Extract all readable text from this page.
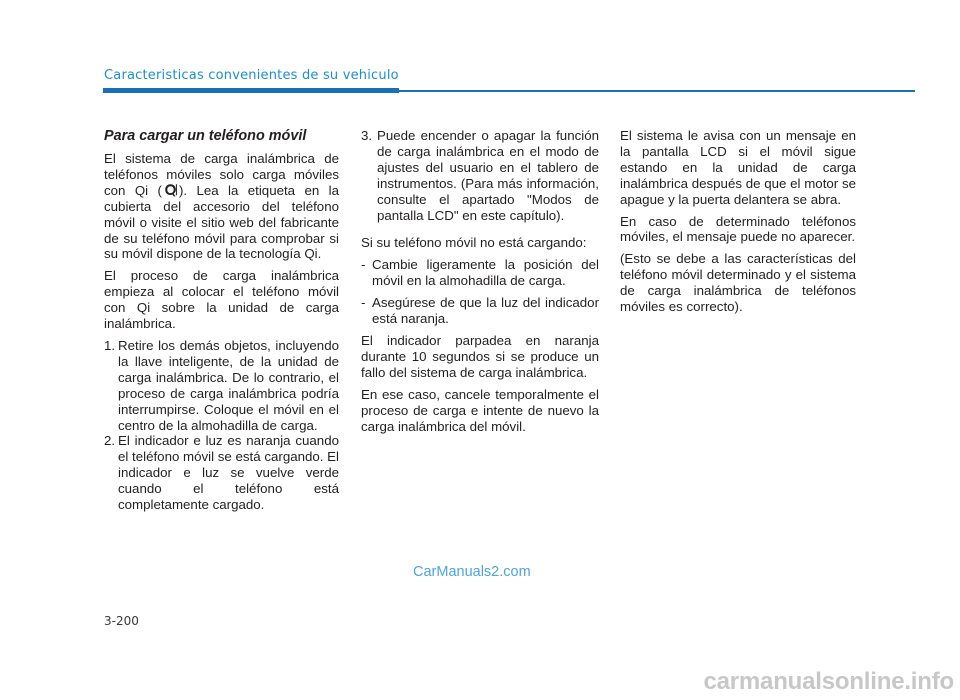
Caracteristicas convenientes de su vehiculo
Para cargar un teléfono móvil

El sistema de carga inalámbrica de teléfonos móviles solo carga móviles con Qi ( ). Lea la etiqueta en la cubierta del accesorio del teléfono móvil o visite el sitio web del fabricante de su teléfono móvil para comprobar si su móvil dispone de la tecnología Qi.

El proceso de carga inalámbrica empieza al colocar el teléfono móvil con Qi sobre la unidad de carga inalámbrica.

1. Retire los demás objetos, incluyendo la llave inteligente, de la unidad de carga inalámbrica. De lo contrario, el proceso de carga inalámbrica podría interrumpirse. Coloque el móvil en el centro de la almohadilla de carga.
2. El indicador e luz es naranja cuando el teléfono móvil se está cargando. El indicador e luz se vuelve verde cuando el teléfono está completamente cargado.
3. Puede encender o apagar la función de carga inalámbrica en el modo de ajustes del usuario en el tablero de instrumentos. (Para más información, consulte el apartado "Modos de pantalla LCD" en este capítulo).

Si su teléfono móvil no está cargando:

- Cambie ligeramente la posición del móvil en la almohadilla de carga.
- Asegúrese de que la luz del indicador está naranja.

El indicador parpadea en naranja durante 10 segundos si se produce un fallo del sistema de carga inalámbrica.

En ese caso, cancele temporalmente el proceso de carga e intente de nuevo la carga inalámbrica del móvil.

El sistema le avisa con un mensaje en la pantalla LCD si el móvil sigue estando en la unidad de carga inalámbrica después de que el motor se apague y la puerta delantera se abra.

En caso de determinado teléfonos móviles, el mensaje puede no aparecer.

(Esto se debe a las características del teléfono móvil determinado y el sistema de carga inalámbrica de teléfonos móviles es correcto).

CarManuals2.com
3-200
carmanualsonline.info
